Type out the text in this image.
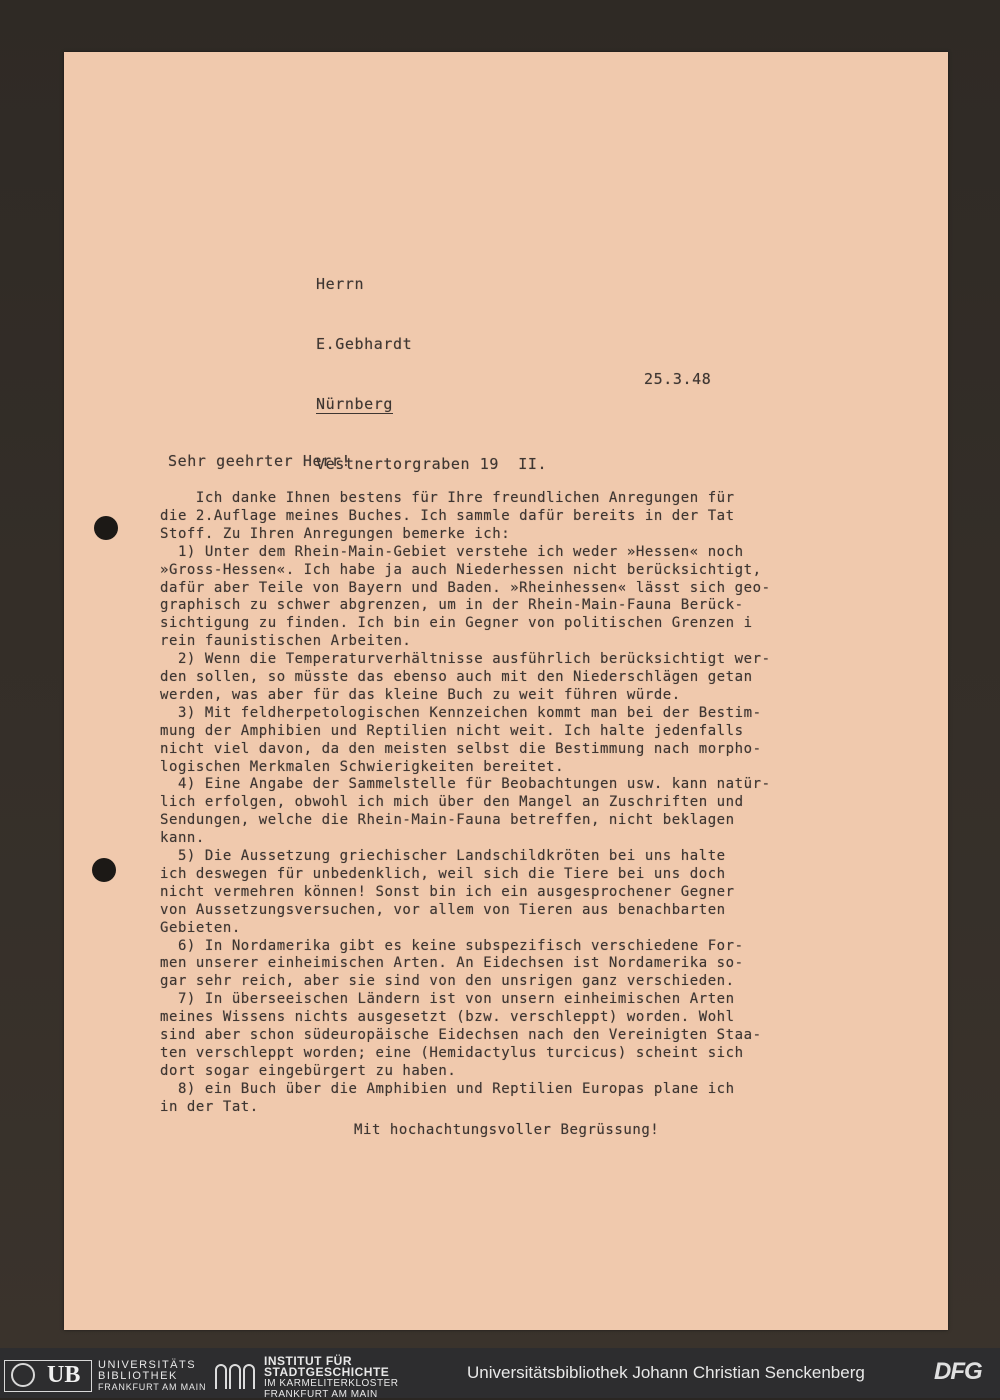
Herrn

E.Gebhardt

Nürnberg

Vestnertorgraben 19  II.

25.3.48
Sehr geehrter Herr!

Ich danke Ihnen bestens für Ihre freundlichen Anregungen für

die 2.Auflage meines Buches. Ich sammle dafür bereits in der Tat

Stoff. Zu Ihren Anregungen bemerke ich:

1) Unter dem Rhein-Main-Gebiet verstehe ich weder »Hessen« noch

»Gross-Hessen«. Ich habe ja auch Niederhessen nicht berücksichtigt,

dafür aber Teile von Bayern und Baden. »Rheinhessen« lässt sich geo-

graphisch zu schwer abgrenzen, um in der Rhein-Main-Fauna Berück-

sichtigung zu finden. Ich bin ein Gegner von politischen Grenzen i

rein faunistischen Arbeiten.

2) Wenn die Temperaturverhältnisse ausführlich berücksichtigt wer-

den sollen, so müsste das ebenso auch mit den Niederschlägen getan

werden, was aber für das kleine Buch zu weit führen würde.

3) Mit feldherpetologischen Kennzeichen kommt man bei der Bestim-

mung der Amphibien und Reptilien nicht weit. Ich halte jedenfalls

nicht viel davon, da den meisten selbst die Bestimmung nach morpho-

logischen Merkmalen Schwierigkeiten bereitet.

4) Eine Angabe der Sammelstelle für Beobachtungen usw. kann natür-

lich erfolgen, obwohl ich mich über den Mangel an Zuschriften und

Sendungen, welche die Rhein-Main-Fauna betreffen, nicht beklagen

kann.

5) Die Aussetzung griechischer Landschildkröten bei uns halte

ich deswegen für unbedenklich, weil sich die Tiere bei uns doch

nicht vermehren können! Sonst bin ich ein ausgesprochener Gegner

von Aussetzungsversuchen, vor allem von Tieren aus benachbarten

Gebieten.

6) In Nordamerika gibt es keine subspezifisch verschiedene For-

men unserer einheimischen Arten. An Eidechsen ist Nordamerika so-

gar sehr reich, aber sie sind von den unsrigen ganz verschieden.

7) In überseeischen Ländern ist von unsern einheimischen Arten

meines Wissens nichts ausgesetzt (bzw. verschleppt) worden. Wohl

sind aber schon südeuropäische Eidechsen nach den Vereinigten Staa-

ten verschleppt worden; eine (Hemidactylus turcicus) scheint sich

dort sogar eingebürgert zu haben.

8) ein Buch über die Amphibien und Reptilien Europas plane ich

in der Tat.

Mit hochachtungsvoller Begrüssung!
UB UNIVERSITÄTS
BIBLIOTHEK
FRANKFURT AM MAIN
INSTITUT FÜR
STADTGESCHICHTE
IM KARMELITERKLOSTER
FRANKFURT AM MAIN
Universitätsbibliothek Johann Christian Senckenberg	DFG
